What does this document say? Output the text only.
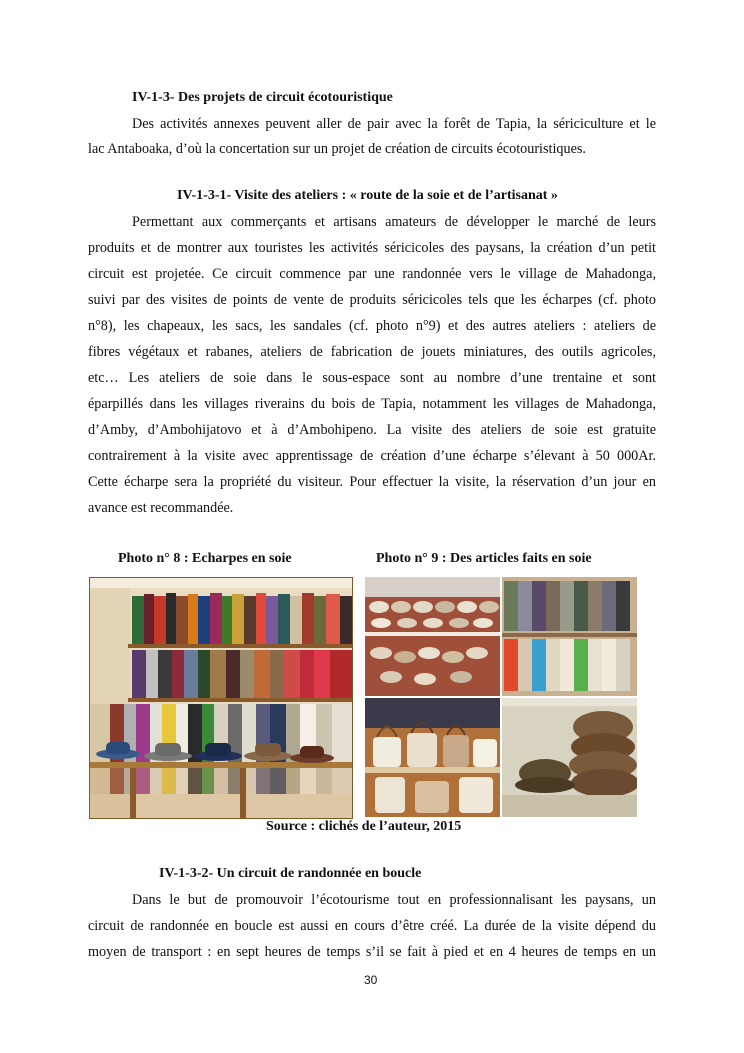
IV-1-3- Des projets de circuit écotouristique
Des activités annexes peuvent aller de pair avec la forêt de Tapia, la sériciculture et le
lac Antaboaka, d’où la concertation sur un projet de création de circuits écotouristiques.
IV-1-3-1- Visite des ateliers : « route de la soie et de l’artisanat »
Permettant aux commerçants et artisans amateurs de développer le marché de leurs
produits et de montrer aux touristes les activités séricicoles des paysans, la création d’un petit
circuit est projetée. Ce circuit commence par une randonnée vers le village de Mahadonga,
suivi par des visites de points de vente de produits séricicoles tels que les écharpes (cf. photo
n°8), les chapeaux, les sacs, les sandales (cf. photo n°9) et des autres ateliers : ateliers de
fibres végétaux et rabanes, ateliers de fabrication de jouets miniatures, des outils agricoles,
etc… Les ateliers de soie dans le sous-espace sont au nombre d’une trentaine et sont
éparpillés dans les villages riverains du bois de Tapia, notamment les villages de Mahadonga,
d’Amby, d’Ambohijatovo et à d’Ambohipeno. La visite des ateliers de soie est gratuite
contrairement à la visite avec apprentissage de création d’une écharpe s’élevant à 50 000Ar.
Cette écharpe sera la propriété du visiteur. Pour effectuer la visite, la réservation d’un jour en
avance est recommandée.
Photo n° 8 : Echarpes en soie	Photo n° 9 : Des articles faits en soie
Source : clichés de l’auteur, 2015
IV-1-3-2- Un circuit de randonnée en boucle
Dans le but de promouvoir l’écotourisme tout en professionnalisant les paysans, un
circuit de randonnée en boucle est aussi en cours d’être créé. La durée de la visite dépend du
moyen de transport : en sept heures de temps s’il se fait à pied et en 4 heures de temps en un
30
